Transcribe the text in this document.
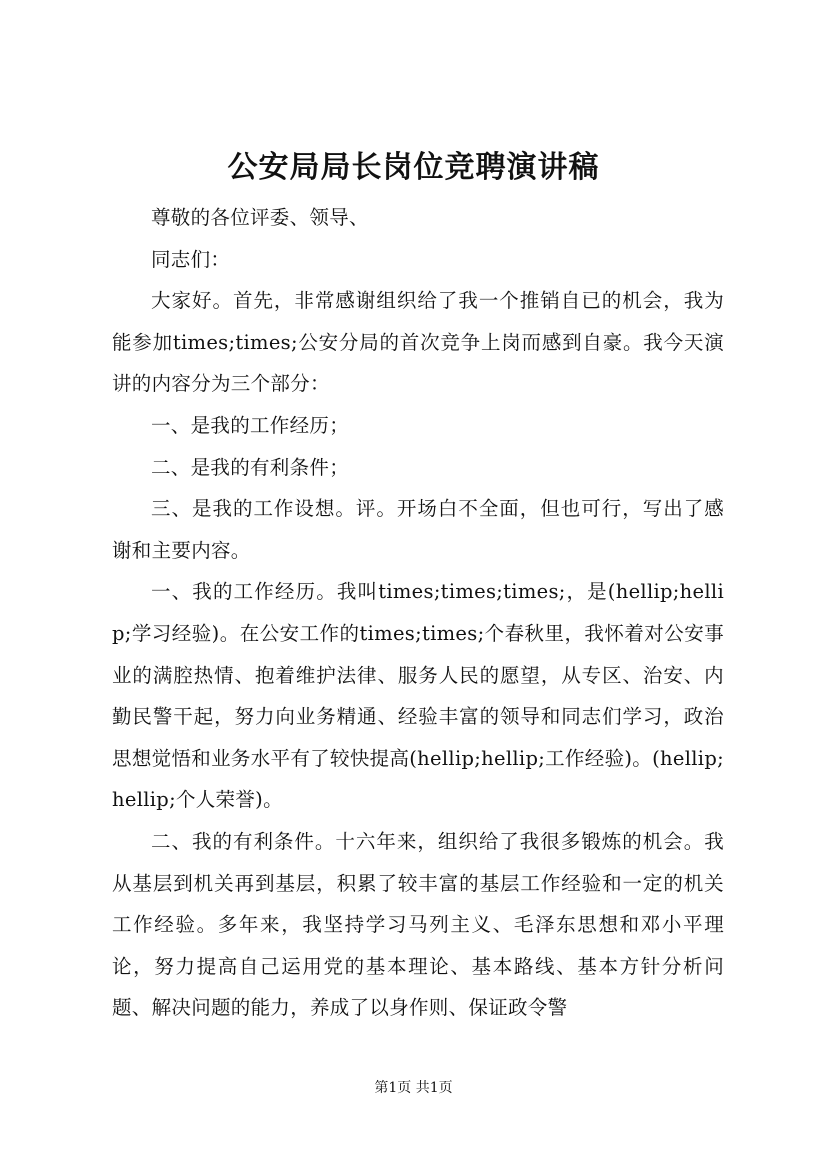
公安局局长岗位竞聘演讲稿

尊敬的各位评委、领导、

同志们：

大家好。首先，非常感谢组织给了我一个推销自已的机会，我为能参加times;times;公安分局的首次竞争上岗而感到自豪。我今天演讲的内容分为三个部分：

一、是我的工作经历；

二、是我的有利条件；

三、是我的工作设想。评。开场白不全面，但也可行，写出了感谢和主要内容。

一、我的工作经历。我叫times;times;times;，是(hellip;hellip;学习经验)。在公安工作的times;times;个春秋里，我怀着对公安事业的满腔热情、抱着维护法律、服务人民的愿望，从专区、治安、内勤民警干起，努力向业务精通、经验丰富的领导和同志们学习，政治思想觉悟和业务水平有了较快提高(hellip;hellip;工作经验)。(hellip;hellip;个人荣誉)。

二、我的有利条件。十六年来，组织给了我很多锻炼的机会。我从基层到机关再到基层，积累了较丰富的基层工作经验和一定的机关工作经验。多年来，我坚持学习马列主义、毛泽东思想和邓小平理论，努力提高自己运用党的基本理论、基本路线、基本方针分析问题、解决问题的能力，养成了以身作则、保证政令警

第1页 共1页
